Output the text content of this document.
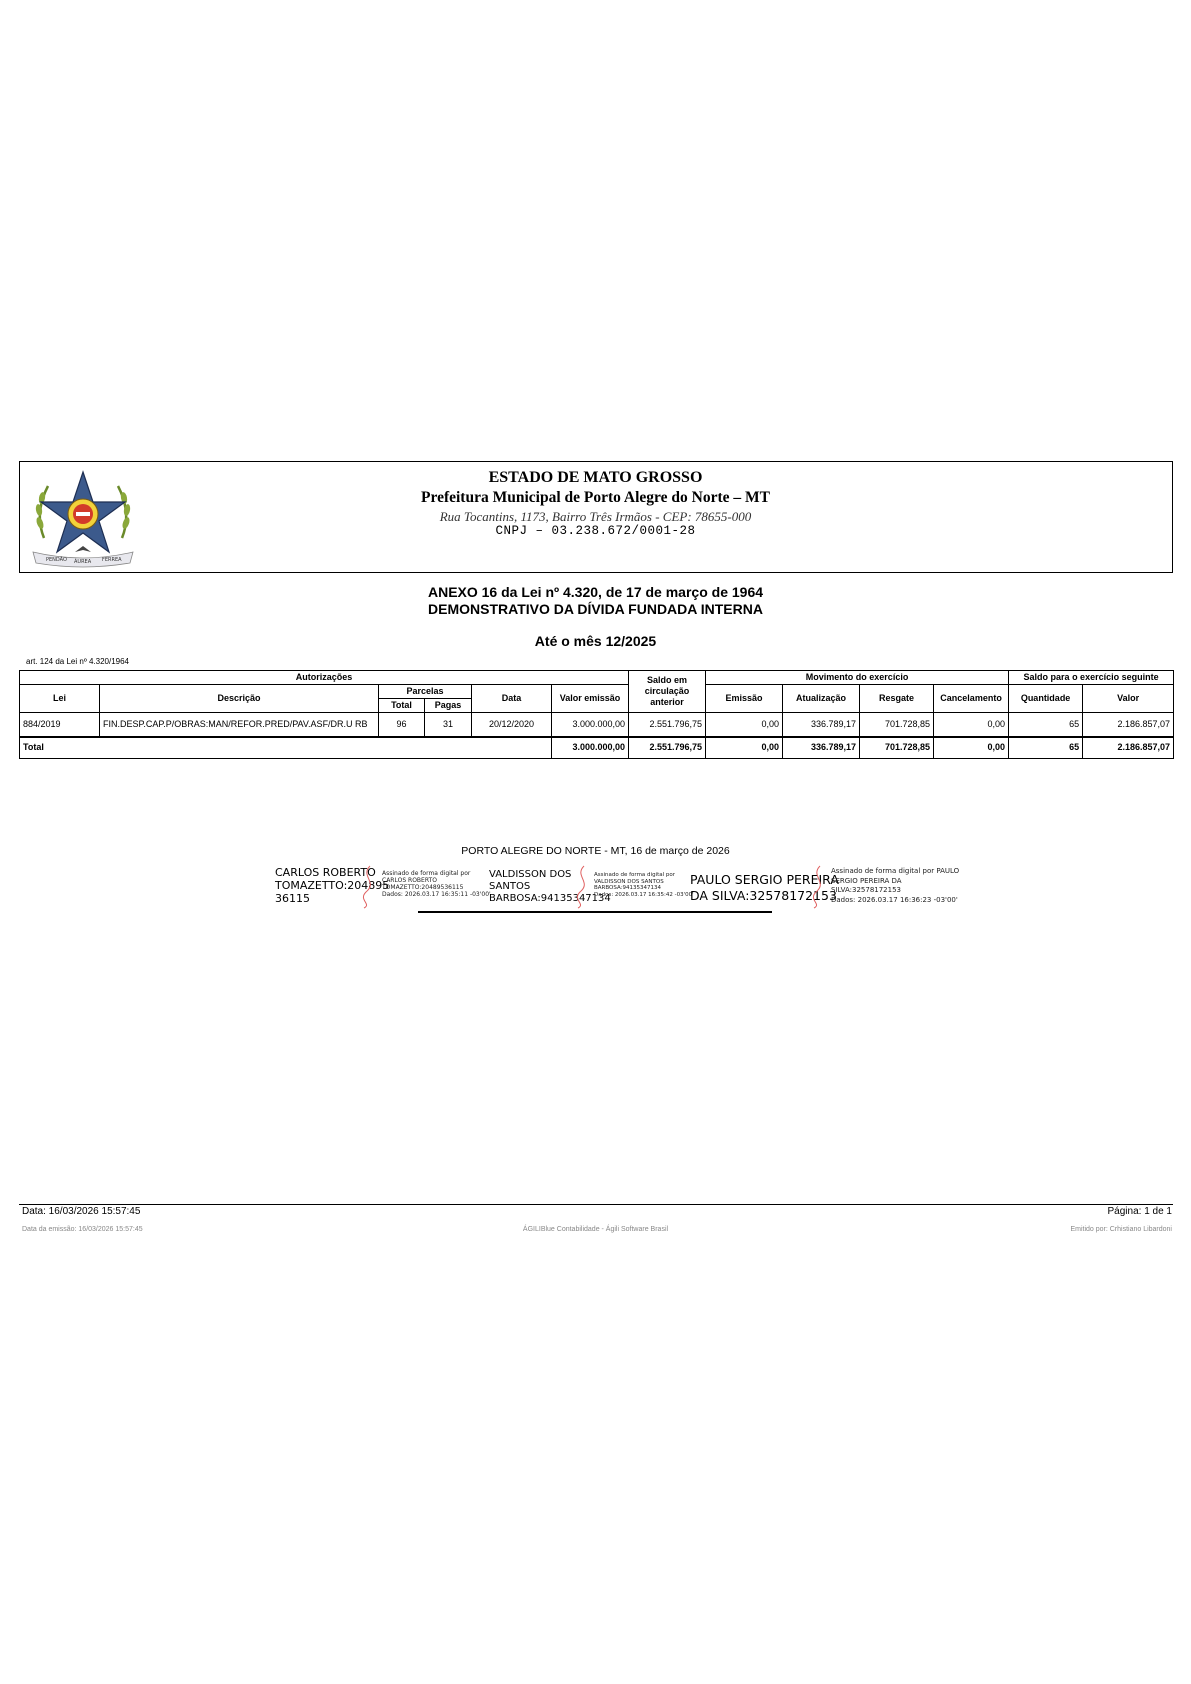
PENDÃO ÁUREA FERREA
ESTADO DE MATO GROSSO
Prefeitura Municipal de Porto Alegre do Norte – MT
Rua Tocantins, 1173, Bairro Três Irmãos - CEP: 78655-000
CNPJ – 03.238.672/0001-28
ANEXO 16 da Lei nº 4.320, de 17 de março de 1964
DEMONSTRATIVO DA DÍVIDA FUNDADA INTERNA
Até o mês 12/2025
art. 124 da Lei nº 4.320/1964
Autorizações						Saldo em circulação anterior	Movimento do exercício				Saldo para o exercício seguinte	
Lei	Descrição	Parcelas		Data	Valor emissão		Emissão	Atualização	Resgate	Cancelamento	Quantidade	Valor
		Total	Pagas									
884/2019	FIN.DESP.CAP.P/OBRAS:MAN/REFOR.PRED/PAV.ASF/DR.U RB	96	31	20/12/2020	3.000.000,00	2.551.796,75	0,00	336.789,17	701.728,85	0,00	65	2.186.857,07
Total					3.000.000,00	2.551.796,75	0,00	336.789,17	701.728,85	0,00	65	2.186.857,07
PORTO ALEGRE DO NORTE - MT, 16 de março de 2026
CARLOS ROBERTO
TOMAZETTO:204895
36115
Assinado de forma digital por
CARLOS ROBERTO
TOMAZETTO:20489536115
Dados: 2026.03.17 16:35:11 -03'00'
VALDISSON DOS
SANTOS
BARBOSA:94135347134
Assinado de forma digital por
VALDISSON DOS SANTOS
BARBOSA:94135347134
Dados: 2026.03.17 16:35:42 -03'00'
PAULO SERGIO PEREIRA
DA SILVA:32578172153
Assinado de forma digital por PAULO
SERGIO PEREIRA DA
SILVA:32578172153
Dados: 2026.03.17 16:36:23 -03'00'
Data: 16/03/2026 15:57:45	Página: 1 de 1
Data da emissão: 16/03/2026 15:57:45	ÁGILIBlue Contabilidade - Ágili Software Brasil	Emitido por: Crhistiano Libardoni
